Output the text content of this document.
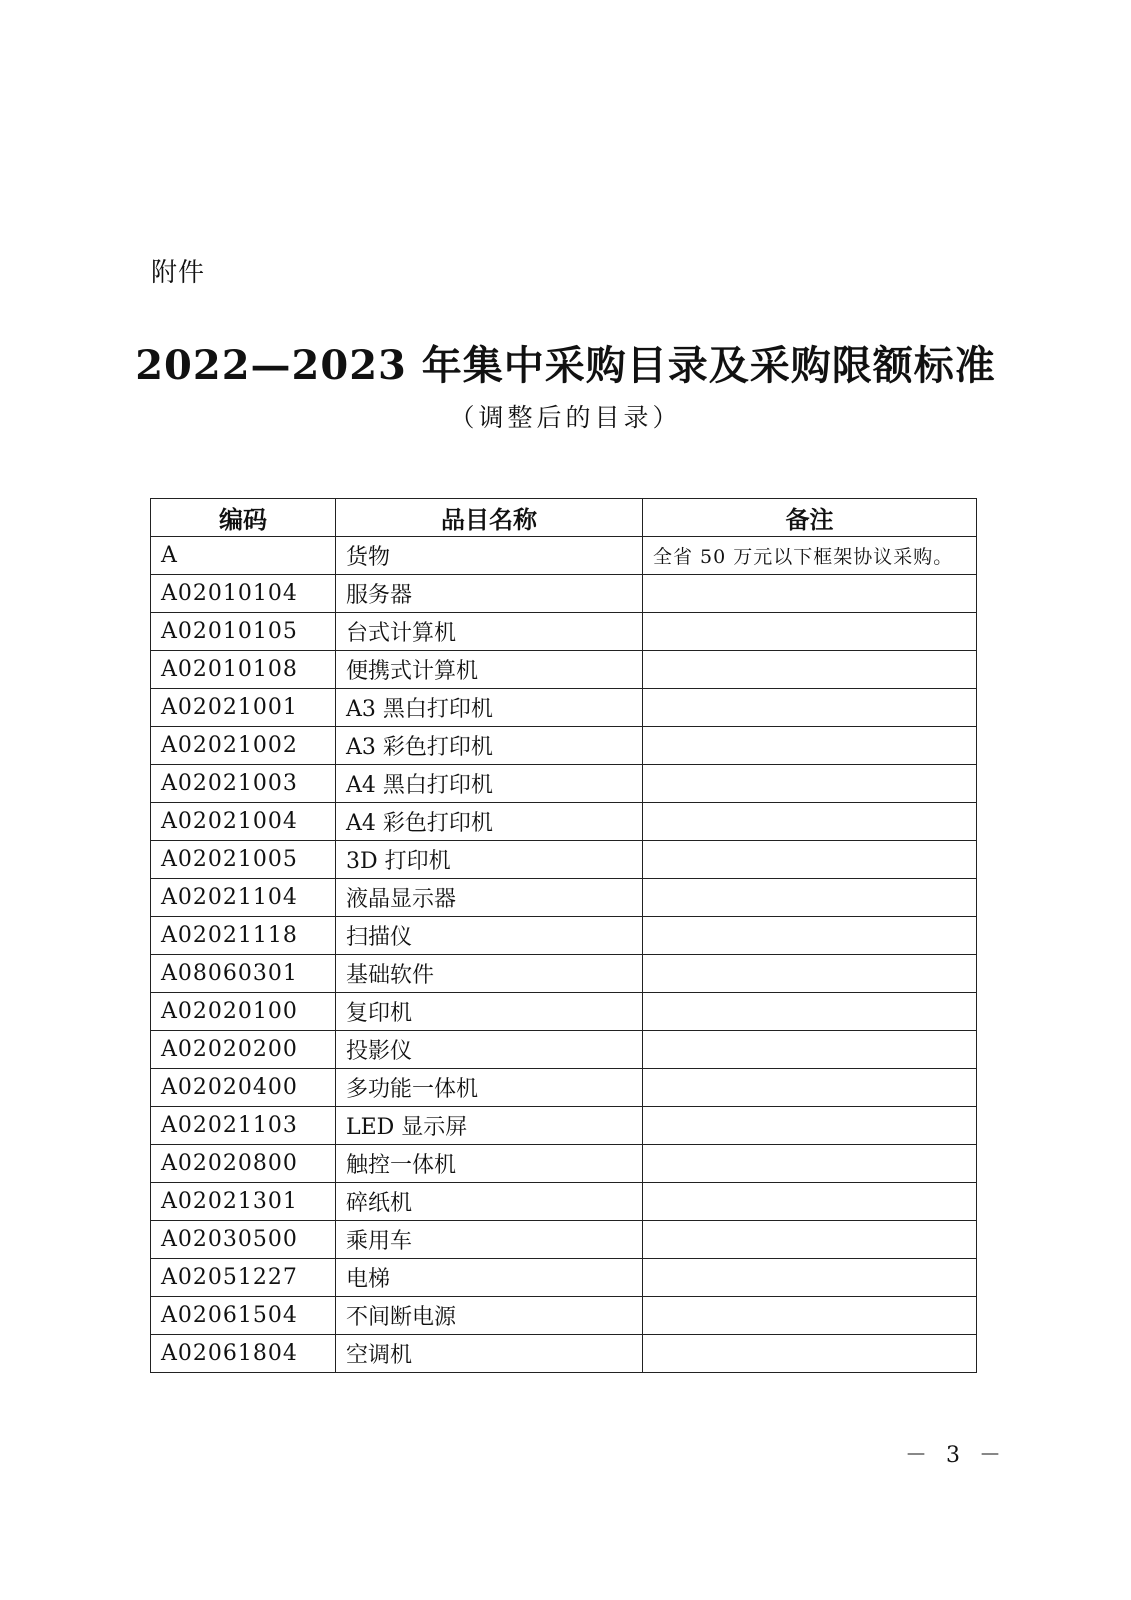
附件
2022—2023 年集中采购目录及采购限额标准
（调整后的目录）
编码	品目名称	备注
A	货物	全省 50 万元以下框架协议采购。
A02010104	服务器	
A02010105	台式计算机	
A02010108	便携式计算机	
A02021001	A3 黑白打印机	
A02021002	A3 彩色打印机	
A02021003	A4 黑白打印机	
A02021004	A4 彩色打印机	
A02021005	3D 打印机	
A02021104	液晶显示器	
A02021118	扫描仪	
A08060301	基础软件	
A02020100	复印机	
A02020200	投影仪	
A02020400	多功能一体机	
A02021103	LED 显示屏	
A02020800	触控一体机	
A02021301	碎纸机	
A02030500	乘用车	
A02051227	电梯	
A02061504	不间断电源	
A02061804	空调机	
－ 3 －
